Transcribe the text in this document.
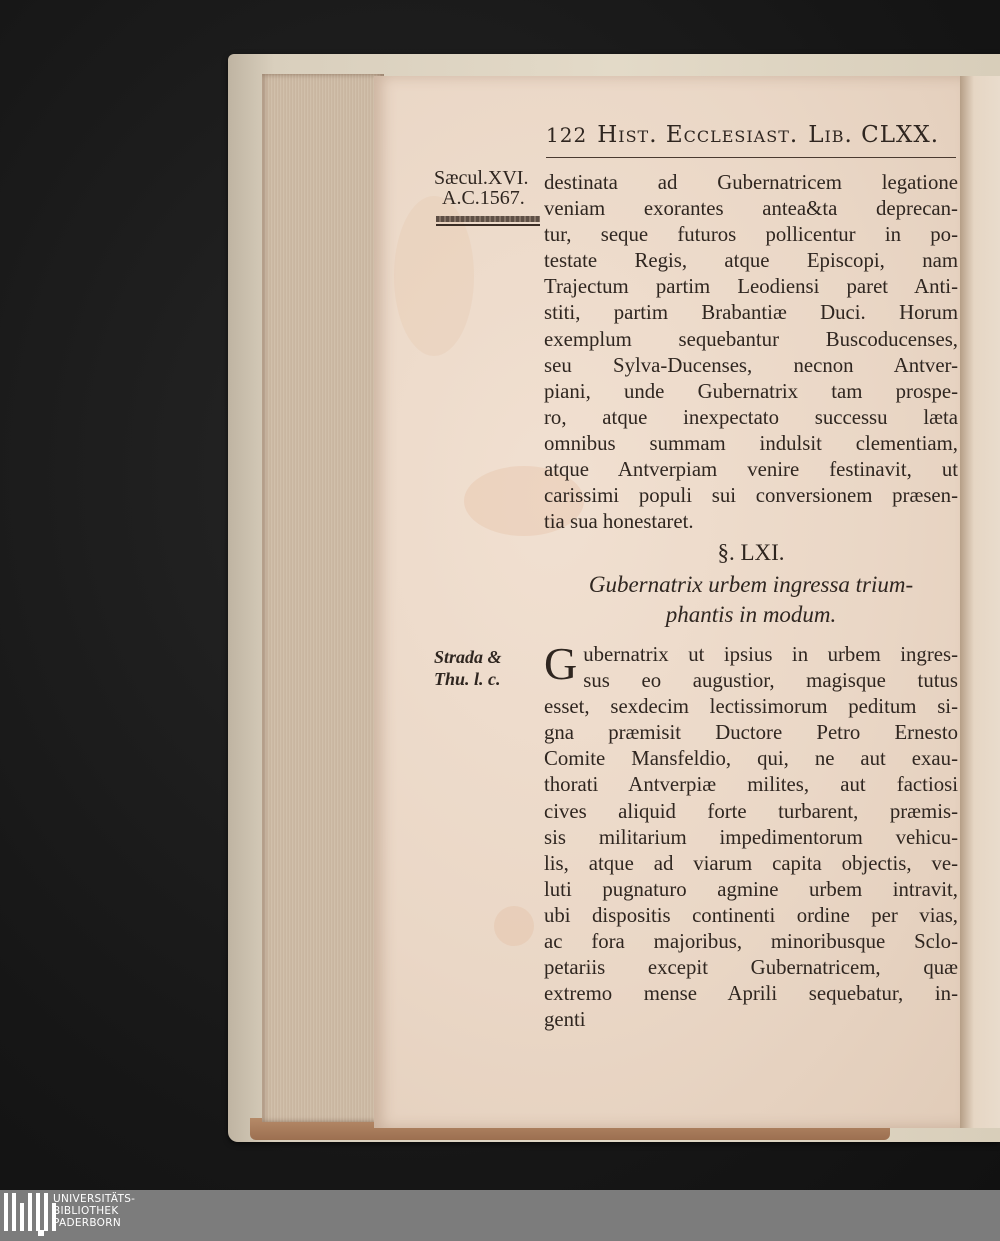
122 Hist. Ecclesiast. Lib. CLXX.
Sæcul.XVI.
A.C.1567.
Strada &
Thu. l. c.
destinata ad Gubernatricem legatione
veniam exorantes antea&ta deprecan-
tur, seque futuros pollicentur in po-
testate Regis, atque Episcopi, nam
Trajectum partim Leodiensi paret Anti-
stiti, partim Brabantiæ Duci. Horum
exemplum sequebantur Buscoducenses,
seu Sylva-Ducenses, necnon Antver-
piani, unde Gubernatrix tam prospe-
ro, atque inexpectato successu læta
omnibus summam indulsit clementiam,
atque Antverpiam venire festinavit, ut
carissimi populi sui conversionem præsen-
tia sua honestaret.
§. LXI.
Gubernatrix urbem ingressa trium-
phantis in modum.
G ubernatrix ut ipsius in urbem ingres-
sus eo augustior, magisque tutus
esset, sexdecim lectissimorum peditum si-
gna præmisit Ductore Petro Ernesto
Comite Mansfeldio, qui, ne aut exau-
thorati Antverpiæ milites, aut factiosi
cives aliquid forte turbarent, præmis-
sis militarium impedimentorum vehicu-
lis, atque ad viarum capita objectis, ve-
luti pugnaturo agmine urbem intravit,
ubi dispositis continenti ordine per vias,
ac fora majoribus, minoribusque Sclo-
petariis excepit Gubernatricem, quæ
extremo mense Aprili sequebatur, in-
genti
UNIVERSITÄTS-
BIBLIOTHEK
PADERBORN
